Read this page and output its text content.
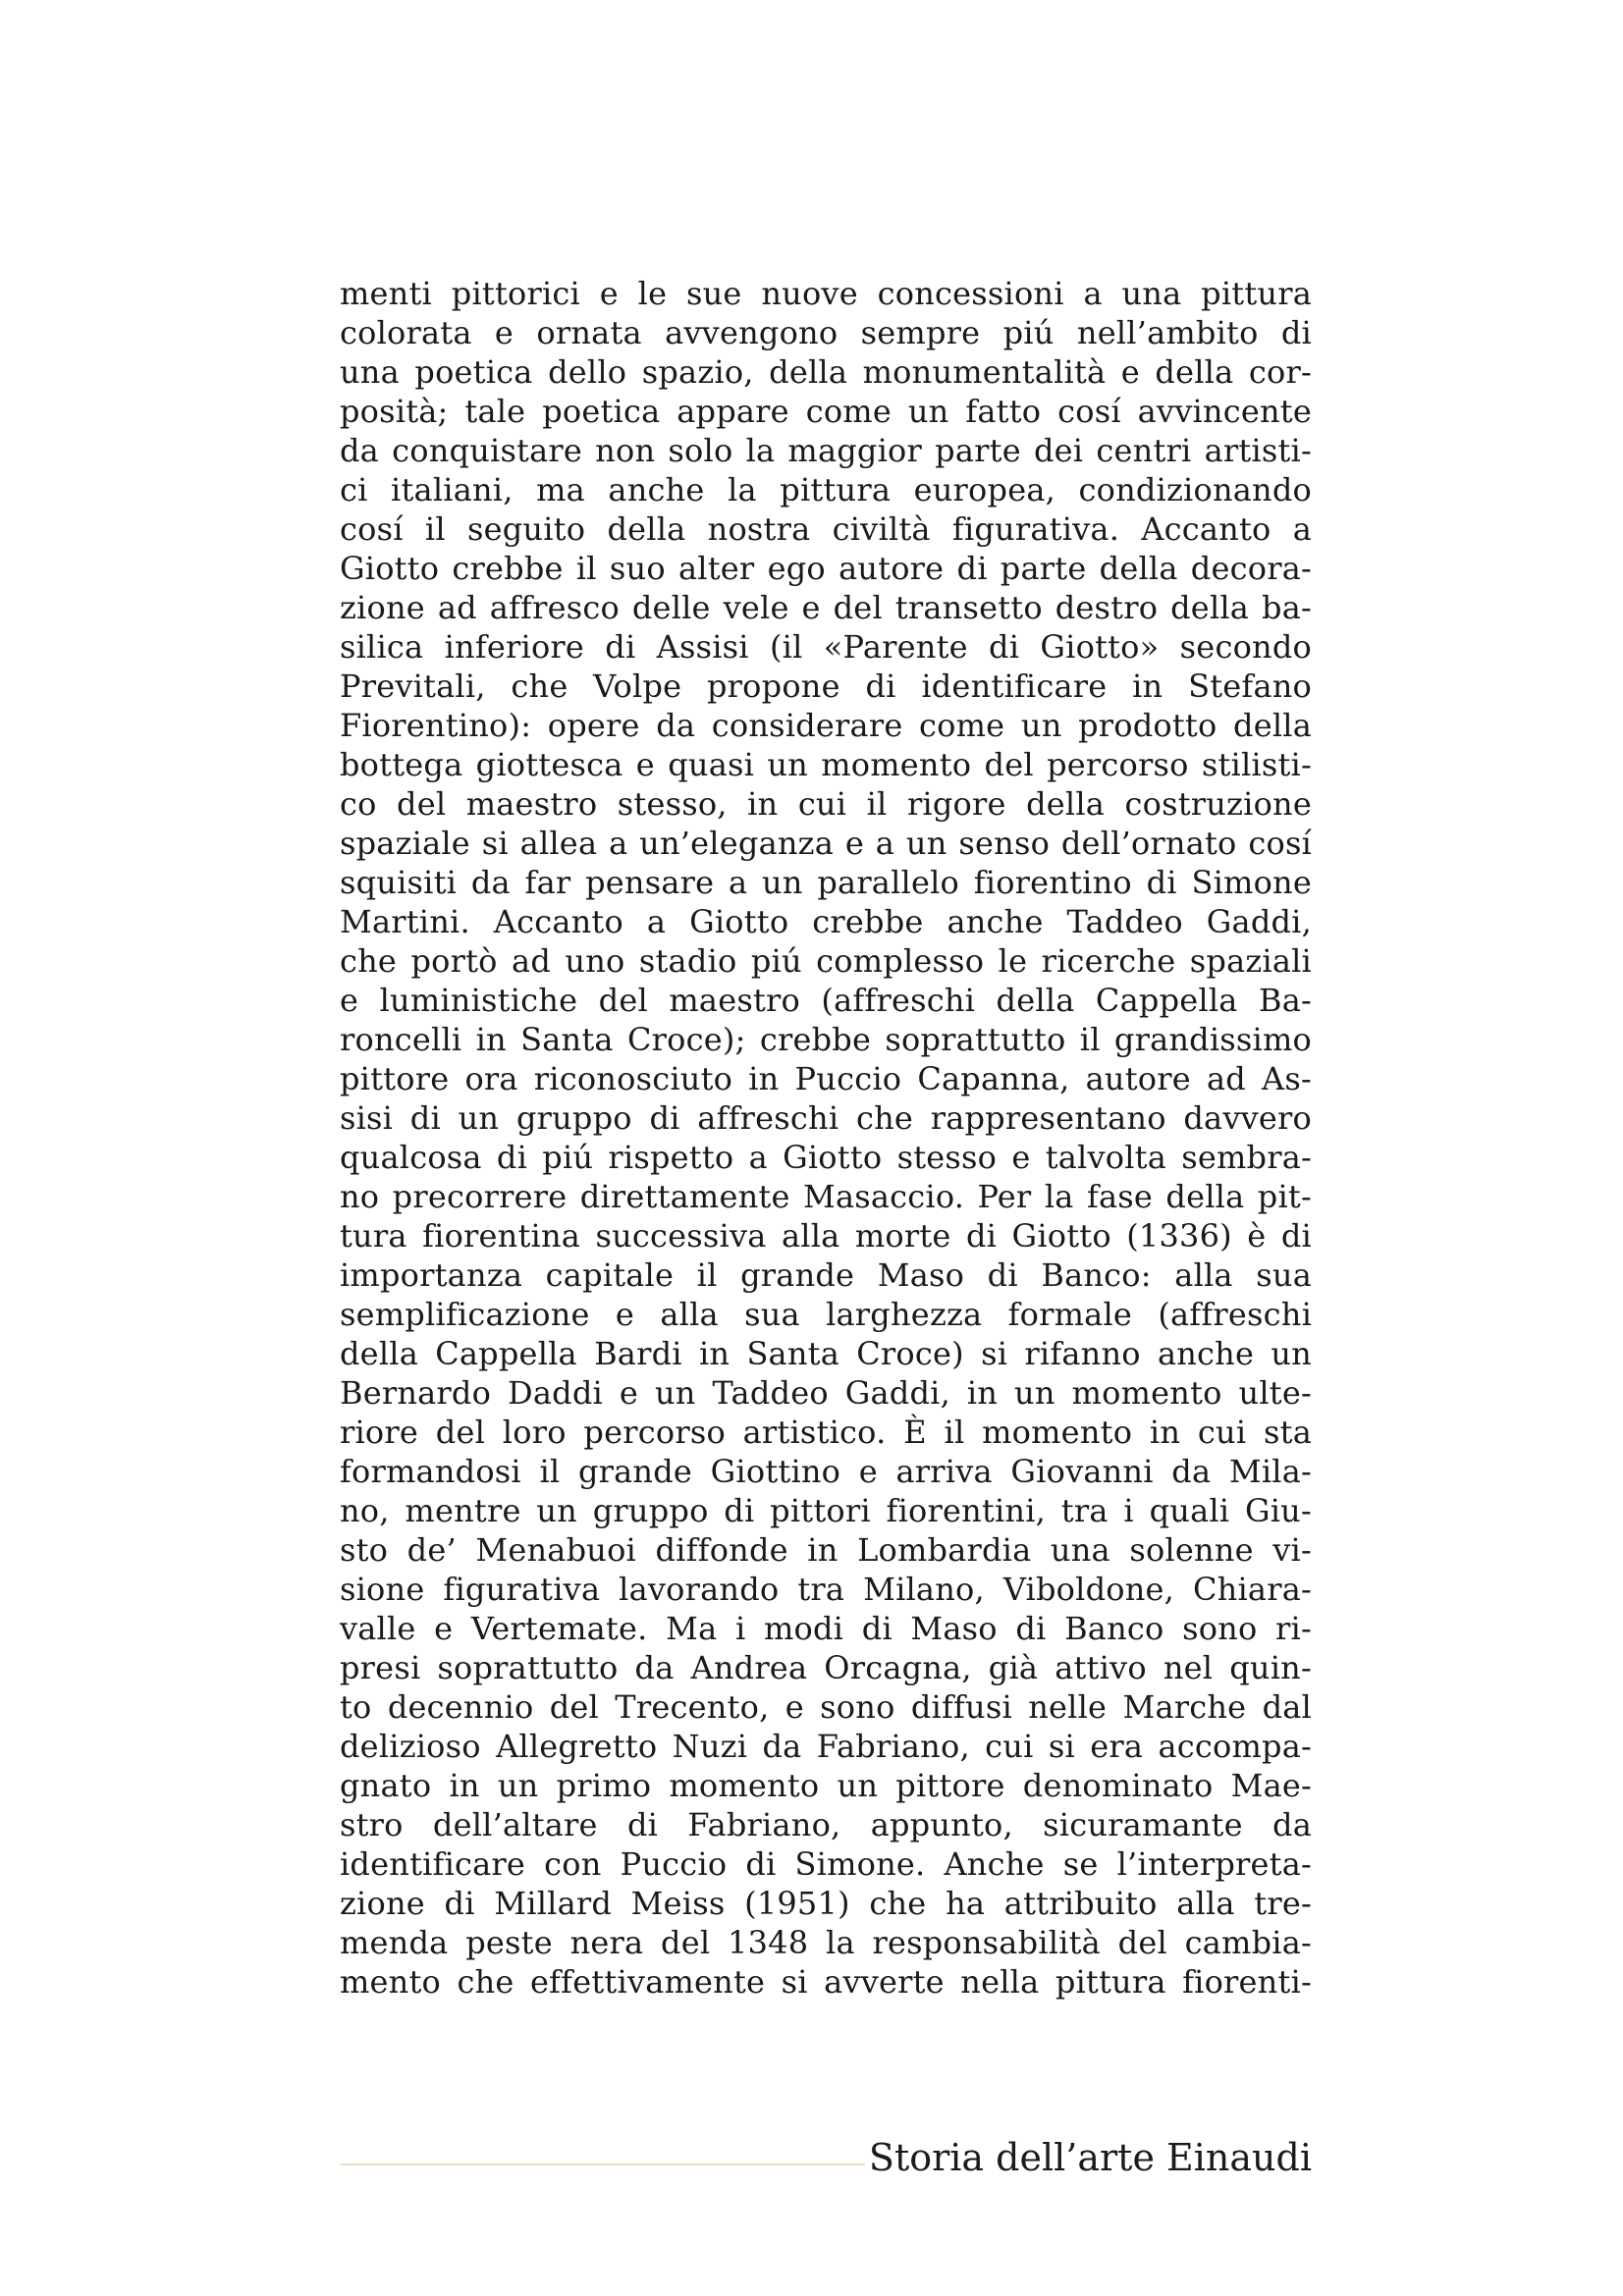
menti pittorici e le sue nuove concessioni a una pittura
colorata e ornata avvengono sempre piú nell’ambito di
una poetica dello spazio, della monumentalità e della cor-
posità; tale poetica appare come un fatto cosí avvincente
da conquistare non solo la maggior parte dei centri artisti-
ci italiani, ma anche la pittura europea, condizionando
cosí il seguito della nostra civiltà figurativa. Accanto a
Giotto crebbe il suo alter ego autore di parte della decora-
zione ad affresco delle vele e del transetto destro della ba-
silica inferiore di Assisi (il «Parente di Giotto» secondo
Previtali, che Volpe propone di identificare in Stefano
Fiorentino): opere da considerare come un prodotto della
bottega giottesca e quasi un momento del percorso stilisti-
co del maestro stesso, in cui il rigore della costruzione
spaziale si allea a un’eleganza e a un senso dell’ornato cosí
squisiti da far pensare a un parallelo fiorentino di Simone
Martini. Accanto a Giotto crebbe anche Taddeo Gaddi,
che portò ad uno stadio piú complesso le ricerche spaziali
e luministiche del maestro (affreschi della Cappella Ba-
roncelli in Santa Croce); crebbe soprattutto il grandissimo
pittore ora riconosciuto in Puccio Capanna, autore ad As-
sisi di un gruppo di affreschi che rappresentano davvero
qualcosa di piú rispetto a Giotto stesso e talvolta sembra-
no precorrere direttamente Masaccio. Per la fase della pit-
tura fiorentina successiva alla morte di Giotto (1336) è di
importanza capitale il grande Maso di Banco: alla sua
semplificazione e alla sua larghezza formale (affreschi
della Cappella Bardi in Santa Croce) si rifanno anche un
Bernardo Daddi e un Taddeo Gaddi, in un momento ulte-
riore del loro percorso artistico. È il momento in cui sta
formandosi il grande Giottino e arriva Giovanni da Mila-
no, mentre un gruppo di pittori fiorentini, tra i quali Giu-
sto de’ Menabuoi diffonde in Lombardia una solenne vi-
sione figurativa lavorando tra Milano, Viboldone, Chiara-
valle e Vertemate. Ma i modi di Maso di Banco sono ri-
presi soprattutto da Andrea Orcagna, già attivo nel quin-
to decennio del Trecento, e sono diffusi nelle Marche dal
delizioso Allegretto Nuzi da Fabriano, cui si era accompa-
gnato in un primo momento un pittore denominato Mae-
stro dell’altare di Fabriano, appunto, sicuramante da
identificare con Puccio di Simone. Anche se l’interpreta-
zione di Millard Meiss (1951) che ha attribuito alla tre-
menda peste nera del 1348 la responsabilità del cambia-
mento che effettivamente si avverte nella pittura fiorenti-
Storia dell’arte Einaudi
